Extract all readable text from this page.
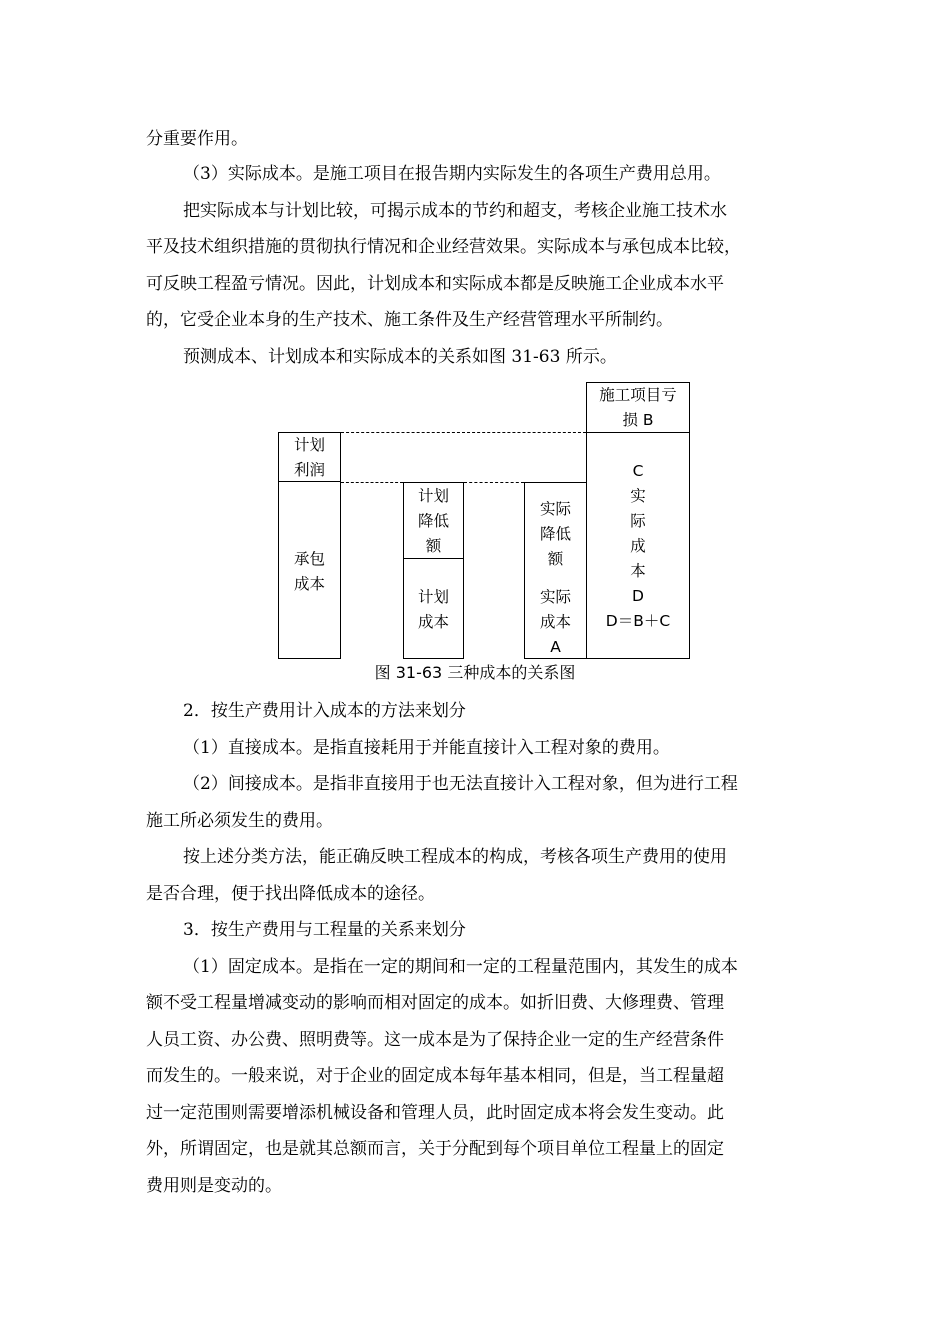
分重要作用。
（3）实际成本。是施工项目在报告期内实际发生的各项生产费用总用。
把实际成本与计划比较，可揭示成本的节约和超支，考核企业施工技术水
平及技术组织措施的贯彻执行情况和企业经营效果。实际成本与承包成本比较，
可反映工程盈亏情况。因此，计划成本和实际成本都是反映施工企业成本水平
的，它受企业本身的生产技术、施工条件及生产经营管理水平所制约。
预测成本、计划成本和实际成本的关系如图 31-63 所示。
计划
利润
承包
成本
计划
降低
额
计划
成本
实际
降低
额
实际
成本
A
施工项目亏
损 B
C
实
际
成
本
D
D＝B＋C
图 31-63 三种成本的关系图
2．按生产费用计入成本的方法来划分
（1）直接成本。是指直接耗用于并能直接计入工程对象的费用。
（2）间接成本。是指非直接用于也无法直接计入工程对象，但为进行工程
施工所必须发生的费用。
按上述分类方法，能正确反映工程成本的构成，考核各项生产费用的使用
是否合理，便于找出降低成本的途径。
3．按生产费用与工程量的关系来划分
（1）固定成本。是指在一定的期间和一定的工程量范围内，其发生的成本
额不受工程量增减变动的影响而相对固定的成本。如折旧费、大修理费、管理
人员工资、办公费、照明费等。这一成本是为了保持企业一定的生产经营条件
而发生的。一般来说，对于企业的固定成本每年基本相同，但是，当工程量超
过一定范围则需要增添机械设备和管理人员，此时固定成本将会发生变动。此
外，所谓固定，也是就其总额而言，关于分配到每个项目单位工程量上的固定
费用则是变动的。
